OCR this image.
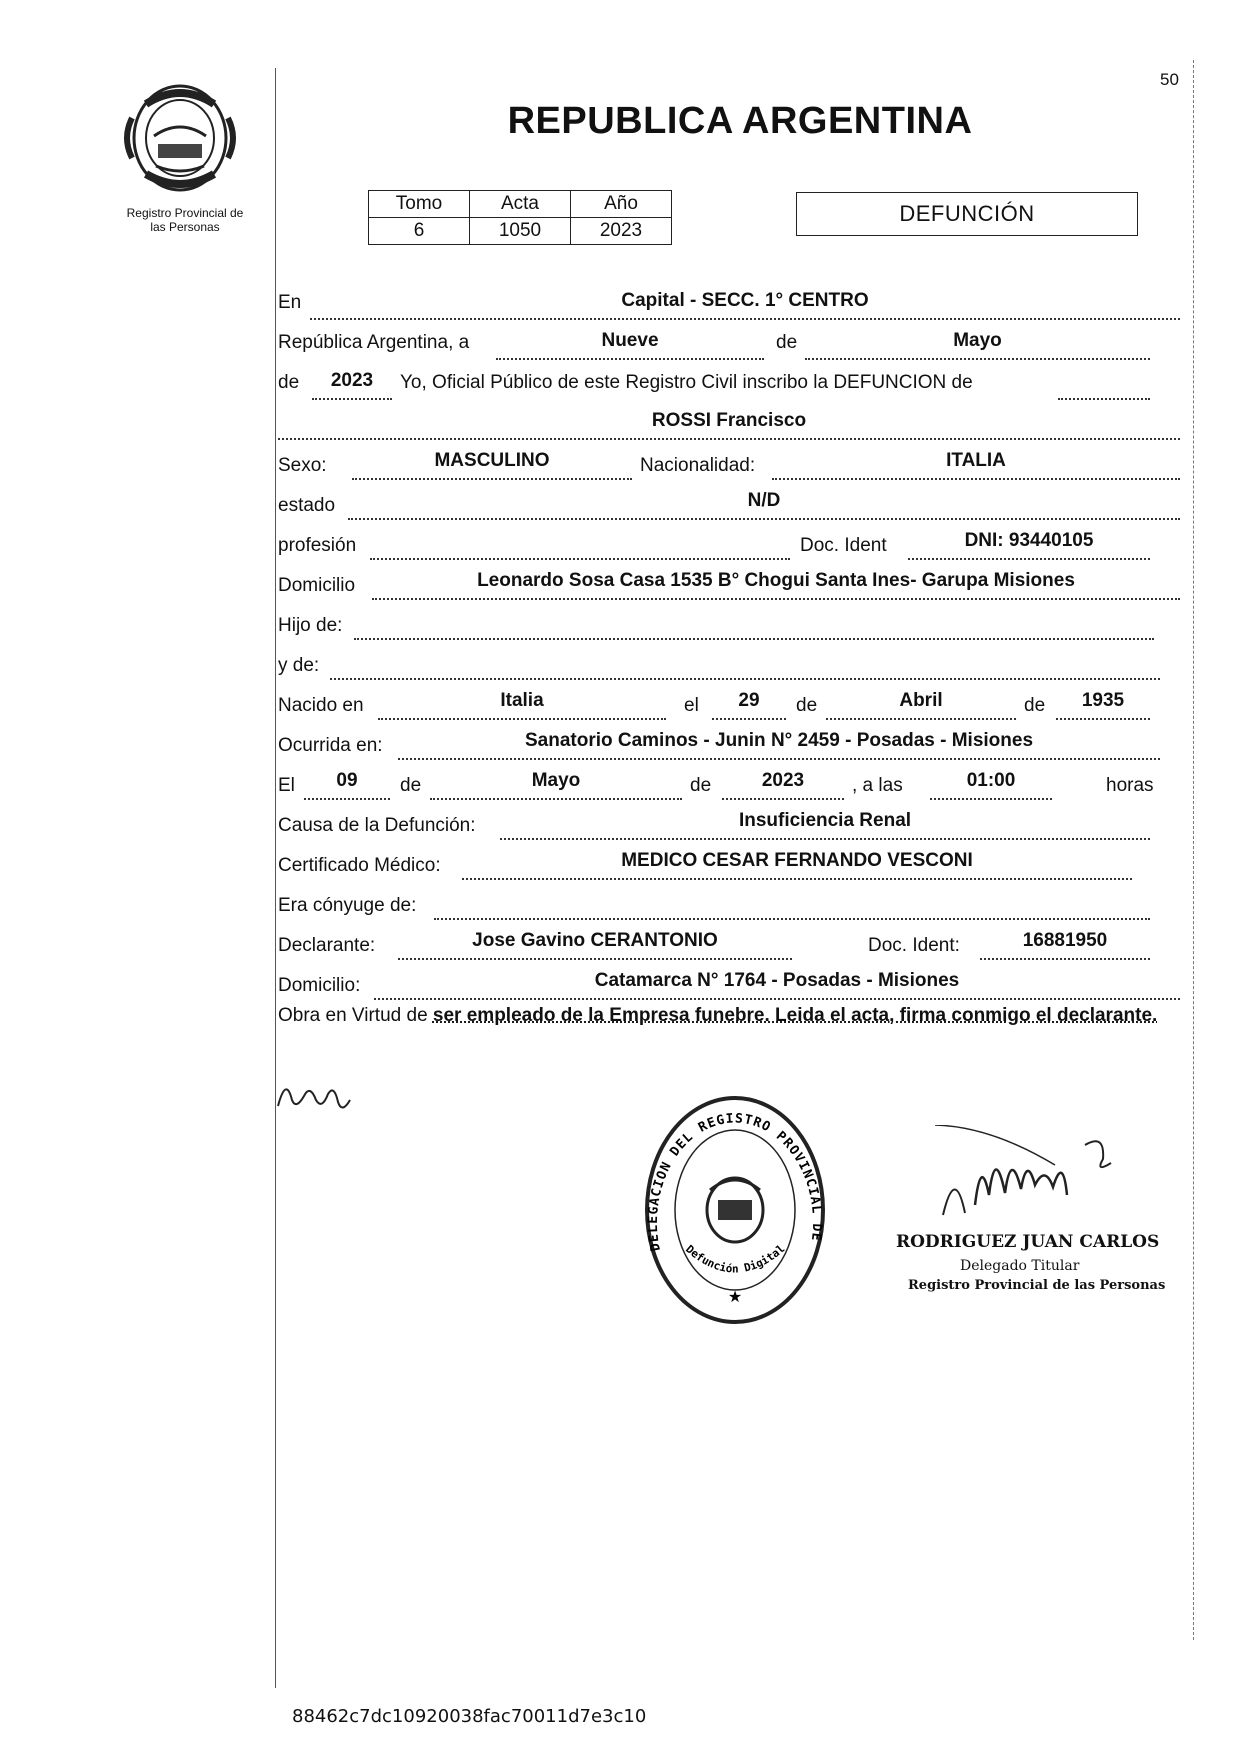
50
Registro Provincial de
las Personas
REPUBLICA ARGENTINA
Tomo	Acta	Año
6	1050	2023
DEFUNCIÓN
En	Capital - SECC. 1° CENTRO
República Argentina, a	Nueve	de	Mayo
de	2023	Yo, Oficial Público de este Registro Civil inscribo la DEFUNCION de
ROSSI Francisco
Sexo:	MASCULINO	Nacionalidad:	ITALIA
estado	N/D
profesión	Doc. Ident	DNI: 93440105
Domicilio	Leonardo Sosa Casa 1535 B° Chogui Santa Ines- Garupa Misiones
Hijo de:
y de:
Nacido en	Italia	el	29	de	Abril	de	1935
Ocurrida en:	Sanatorio Caminos - Junin N° 2459 - Posadas - Misiones
El	09	de	Mayo	de	2023	, a las	01:00	horas
Causa de la Defunción:	Insuficiencia Renal
Certificado Médico:	MEDICO CESAR FERNANDO VESCONI
Era cónyuge de:
Declarante:	Jose Gavino CERANTONIO	Doc. Ident:	16881950
Domicilio:	Catamarca N° 1764 - Posadas - Misiones
Obra en Virtud de ser empleado de la Empresa funebre. Leida el acta, firma conmigo el declarante.
★
DELEGACION DEL REGISTRO PROVINCIAL DE
Defunción Digital	RODRIGUEZ JUAN CARLOS
Delegado Titular
Registro Provincial de las Personas
88462c7dc10920038fac70011d7e3c10
